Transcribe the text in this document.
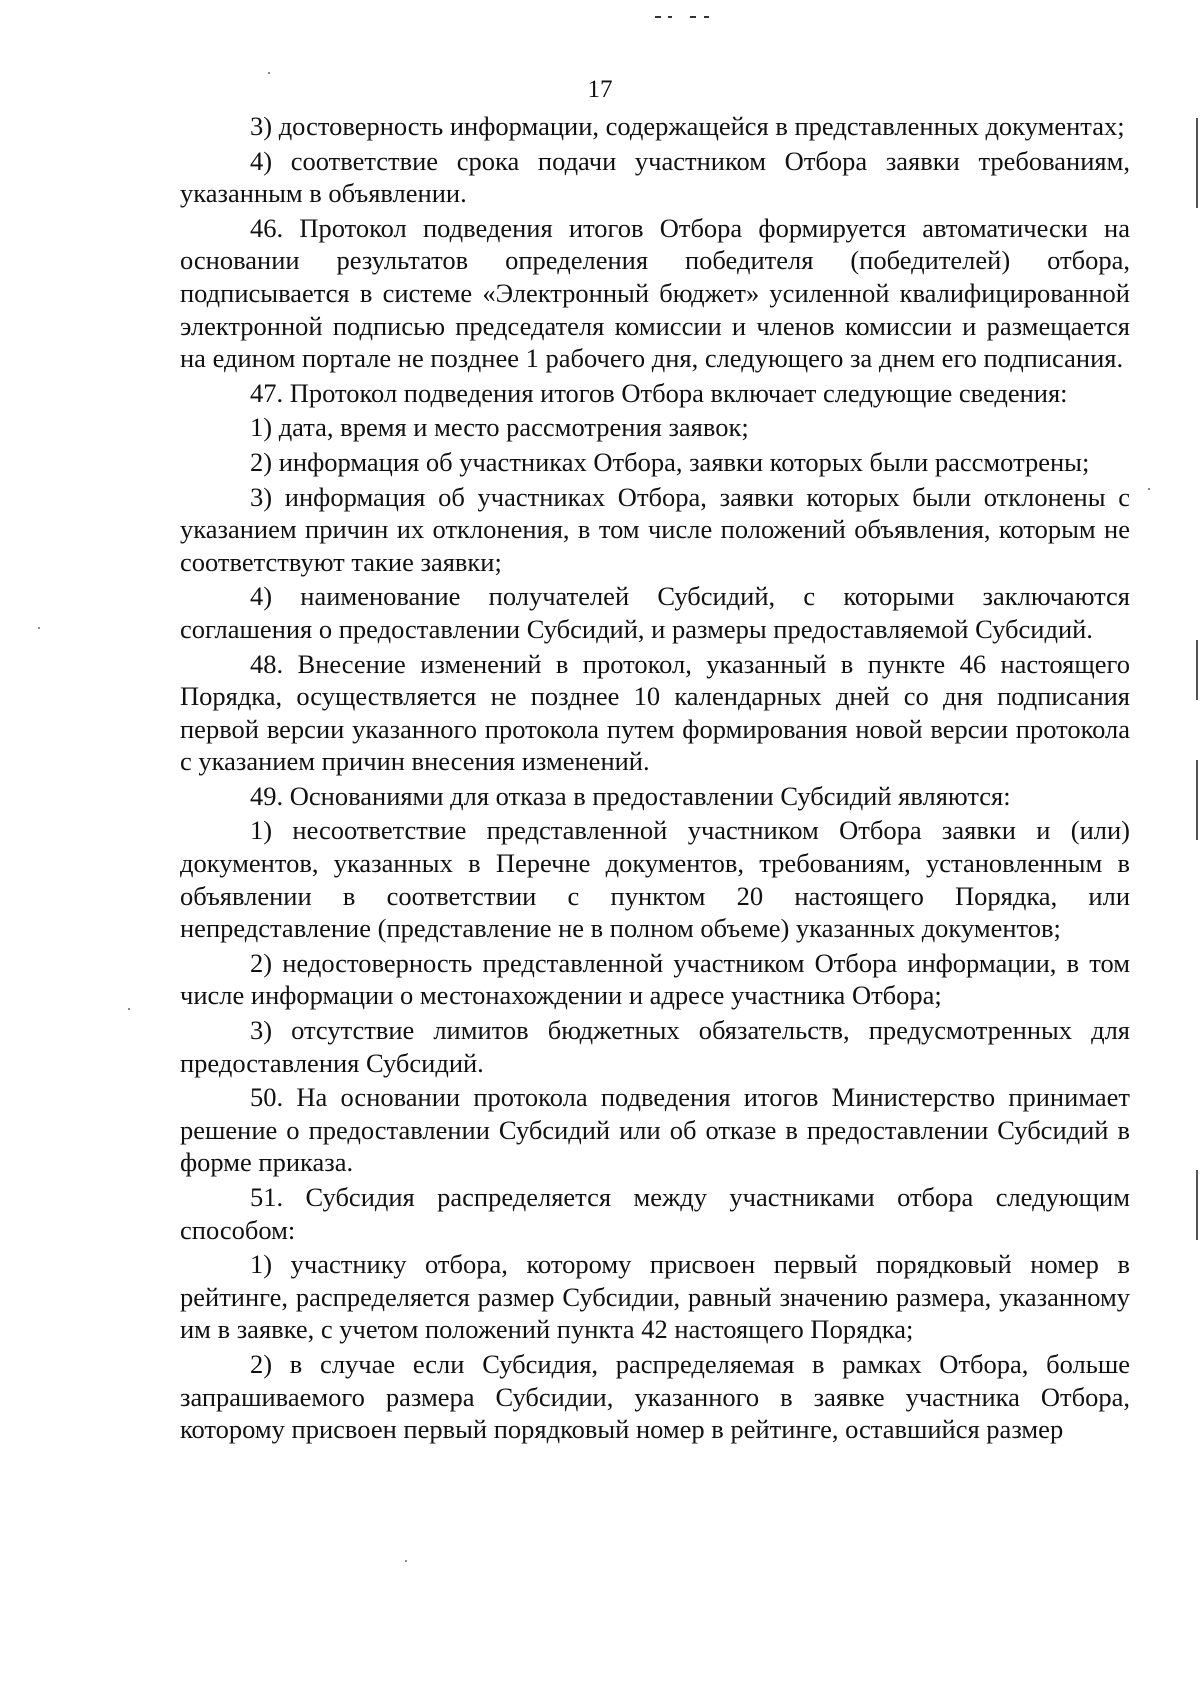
17

3) достоверность информации, содержащейся в представленных документах;

4) соответствие срока подачи участником Отбора заявки требованиям, указанным в объявлении.

46. Протокол подведения итогов Отбора формируется автоматически на основании результатов определения победителя (победителей) отбора, подписывается в системе «Электронный бюджет» усиленной квалифицированной электронной подписью председателя комиссии и членов комиссии и размещается на едином портале не позднее 1 рабочего дня, следующего за днем его подписания.

47. Протокол подведения итогов Отбора включает следующие сведения:

1) дата, время и место рассмотрения заявок;

2) информация об участниках Отбора, заявки которых были рассмотрены;

3) информация об участниках Отбора, заявки которых были отклонены с указанием причин их отклонения, в том числе положений объявления, которым не соответствуют такие заявки;

4) наименование получателей Субсидий, с которыми заключаются соглашения о предоставлении Субсидий, и размеры предоставляемой Субсидий.

48. Внесение изменений в протокол, указанный в пункте 46 настоящего Порядка, осуществляется не позднее 10 календарных дней со дня подписания первой версии указанного протокола путем формирования новой версии протокола с указанием причин внесения изменений.

49. Основаниями для отказа в предоставлении Субсидий являются:

1) несоответствие представленной участником Отбора заявки и (или) документов, указанных в Перечне документов, требованиям, установленным в объявлении в соответствии с пунктом 20 настоящего Порядка, или непредставление (представление не в полном объеме) указанных документов;

2) недостоверность представленной участником Отбора информации, в том числе информации о местонахождении и адресе участника Отбора;

3) отсутствие лимитов бюджетных обязательств, предусмотренных для предоставления Субсидий.

50. На основании протокола подведения итогов Министерство принимает решение о предоставлении Субсидий или об отказе в предоставлении Субсидий в форме приказа.

51. Субсидия распределяется между участниками отбора следующим способом:

1) участнику отбора, которому присвоен первый порядковый номер в рейтинге, распределяется размер Субсидии, равный значению размера, указанному им в заявке, с учетом положений пункта 42 настоящего Порядка;

2) в случае если Субсидия, распределяемая в рамках Отбора, больше запрашиваемого размера Субсидии, указанного в заявке участника Отбора, которому присвоен первый порядковый номер в рейтинге, оставшийся размер
